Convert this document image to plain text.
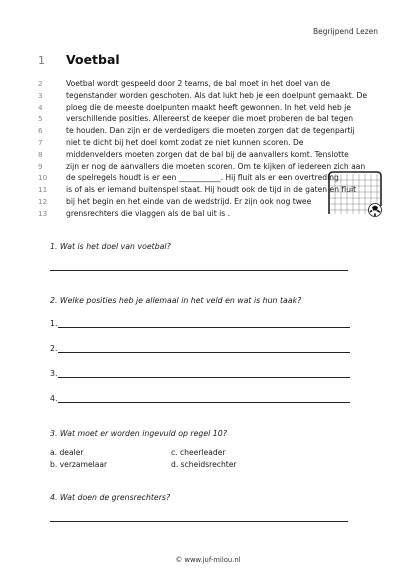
Begrijpend Lezen
1	Voetbal
2	Voetbal wordt gespeeld door 2 teams, de bal moet in het doel van de
3	tegenstander worden geschoten. Als dat lukt heb je een doelpunt gemaakt. De
4	ploeg die de meeste doelpunten maakt heeft gewonnen. In het veld heb je
5	verschillende posities. Allereerst de keeper die moet proberen de bal tegen
6	te houden. Dan zijn er de verdedigers die moeten zorgen dat de tegenpartij
7	niet te dicht bij het doel komt zodat ze niet kunnen scoren. De
8	middenvelders moeten zorgen dat de bal bij de aanvallers komt. Tenslotte
9	zijn er nog de aanvallers die moeten scoren. Om te kijken of iedereen zich aan
10	de spelregels houdt is er een ___________. Hij fluit als er een overtreding
11	is of als er iemand buitenspel staat. Hij houdt ook de tijd in de gaten en fluit
12	bij het begin en het einde van de wedstrijd. Er zijn ook nog twee
13	grensrechters die vlaggen als de bal uit is .
1. Wat is het doel van voetbal?
2. Welke posities heb je allemaal in het veld en wat is hun taak?
1.
2.
3.
4.
3. Wat moet er worden ingevuld op regel 10?
a. dealer
b. verzamelaar
c. cheerleader
d. scheidsrechter
4. Wat doen de grensrechters?
© www.juf-milou.nl
